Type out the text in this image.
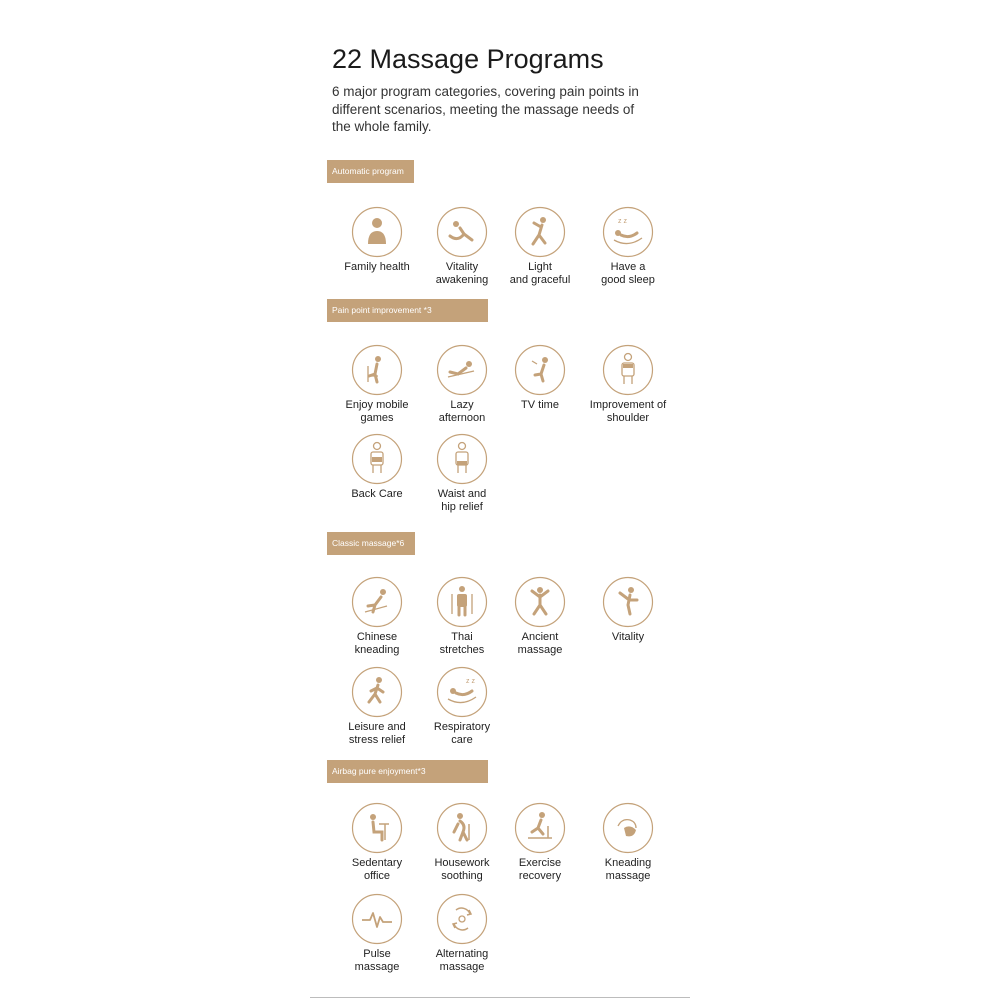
22 Massage Programs
6 major program categories, covering pain points in different scenarios, meeting the massage needs of the whole family.
Automatic program
Family health	Vitality
awakening
Light
and graceful
z z
Have a
good sleep
Pain point improvement *3
Enjoy mobile
games
Lazy
afternoon
TV time	Improvement of
shoulder
Back Care	Waist and
hip relief
Classic massage*6
Chinese
kneading
Thai
stretches
Ancient
massage
Vitality
Leisure and
stress relief
z z
Respiratory
care
Airbag pure enjoyment*3
Sedentary
office
Housework
soothing
Exercise
recovery
Kneading
massage
Pulse
massage
Alternating
massage
